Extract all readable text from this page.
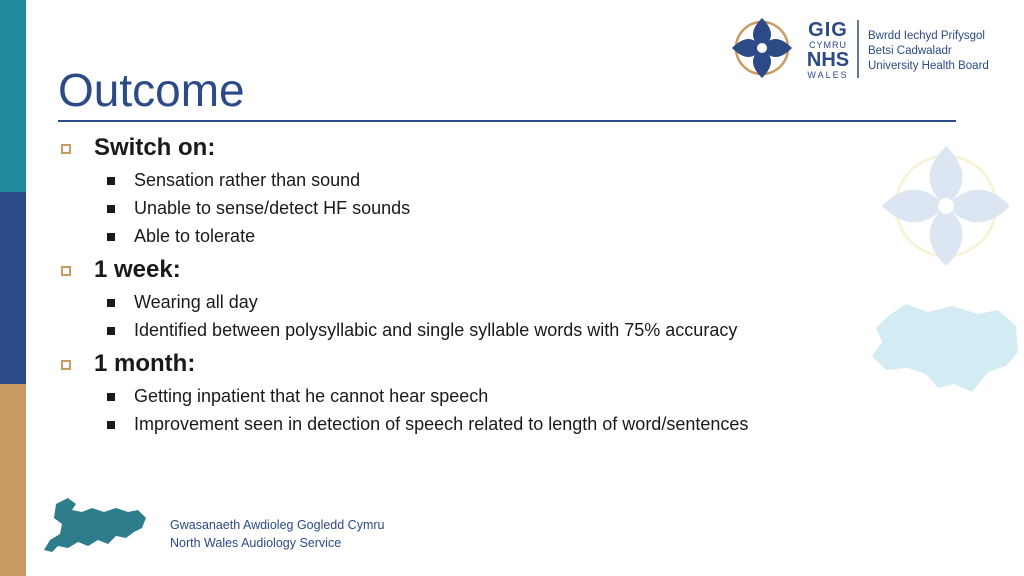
GIG
CYMRU
NHS
WALES
Bwrdd Iechyd Prifysgol
Betsi Cadwaladr
University Health Board
Outcome
Switch on:
Sensation rather than sound
Unable to sense/detect HF sounds
Able to tolerate
1 week:
Wearing all day
Identified between polysyllabic and single syllable words with 75% accuracy
1 month:
Getting inpatient that he cannot hear speech
Improvement seen in detection of speech related to length of word/sentences
Gwasanaeth Awdioleg Gogledd Cymru
North Wales Audiology Service
